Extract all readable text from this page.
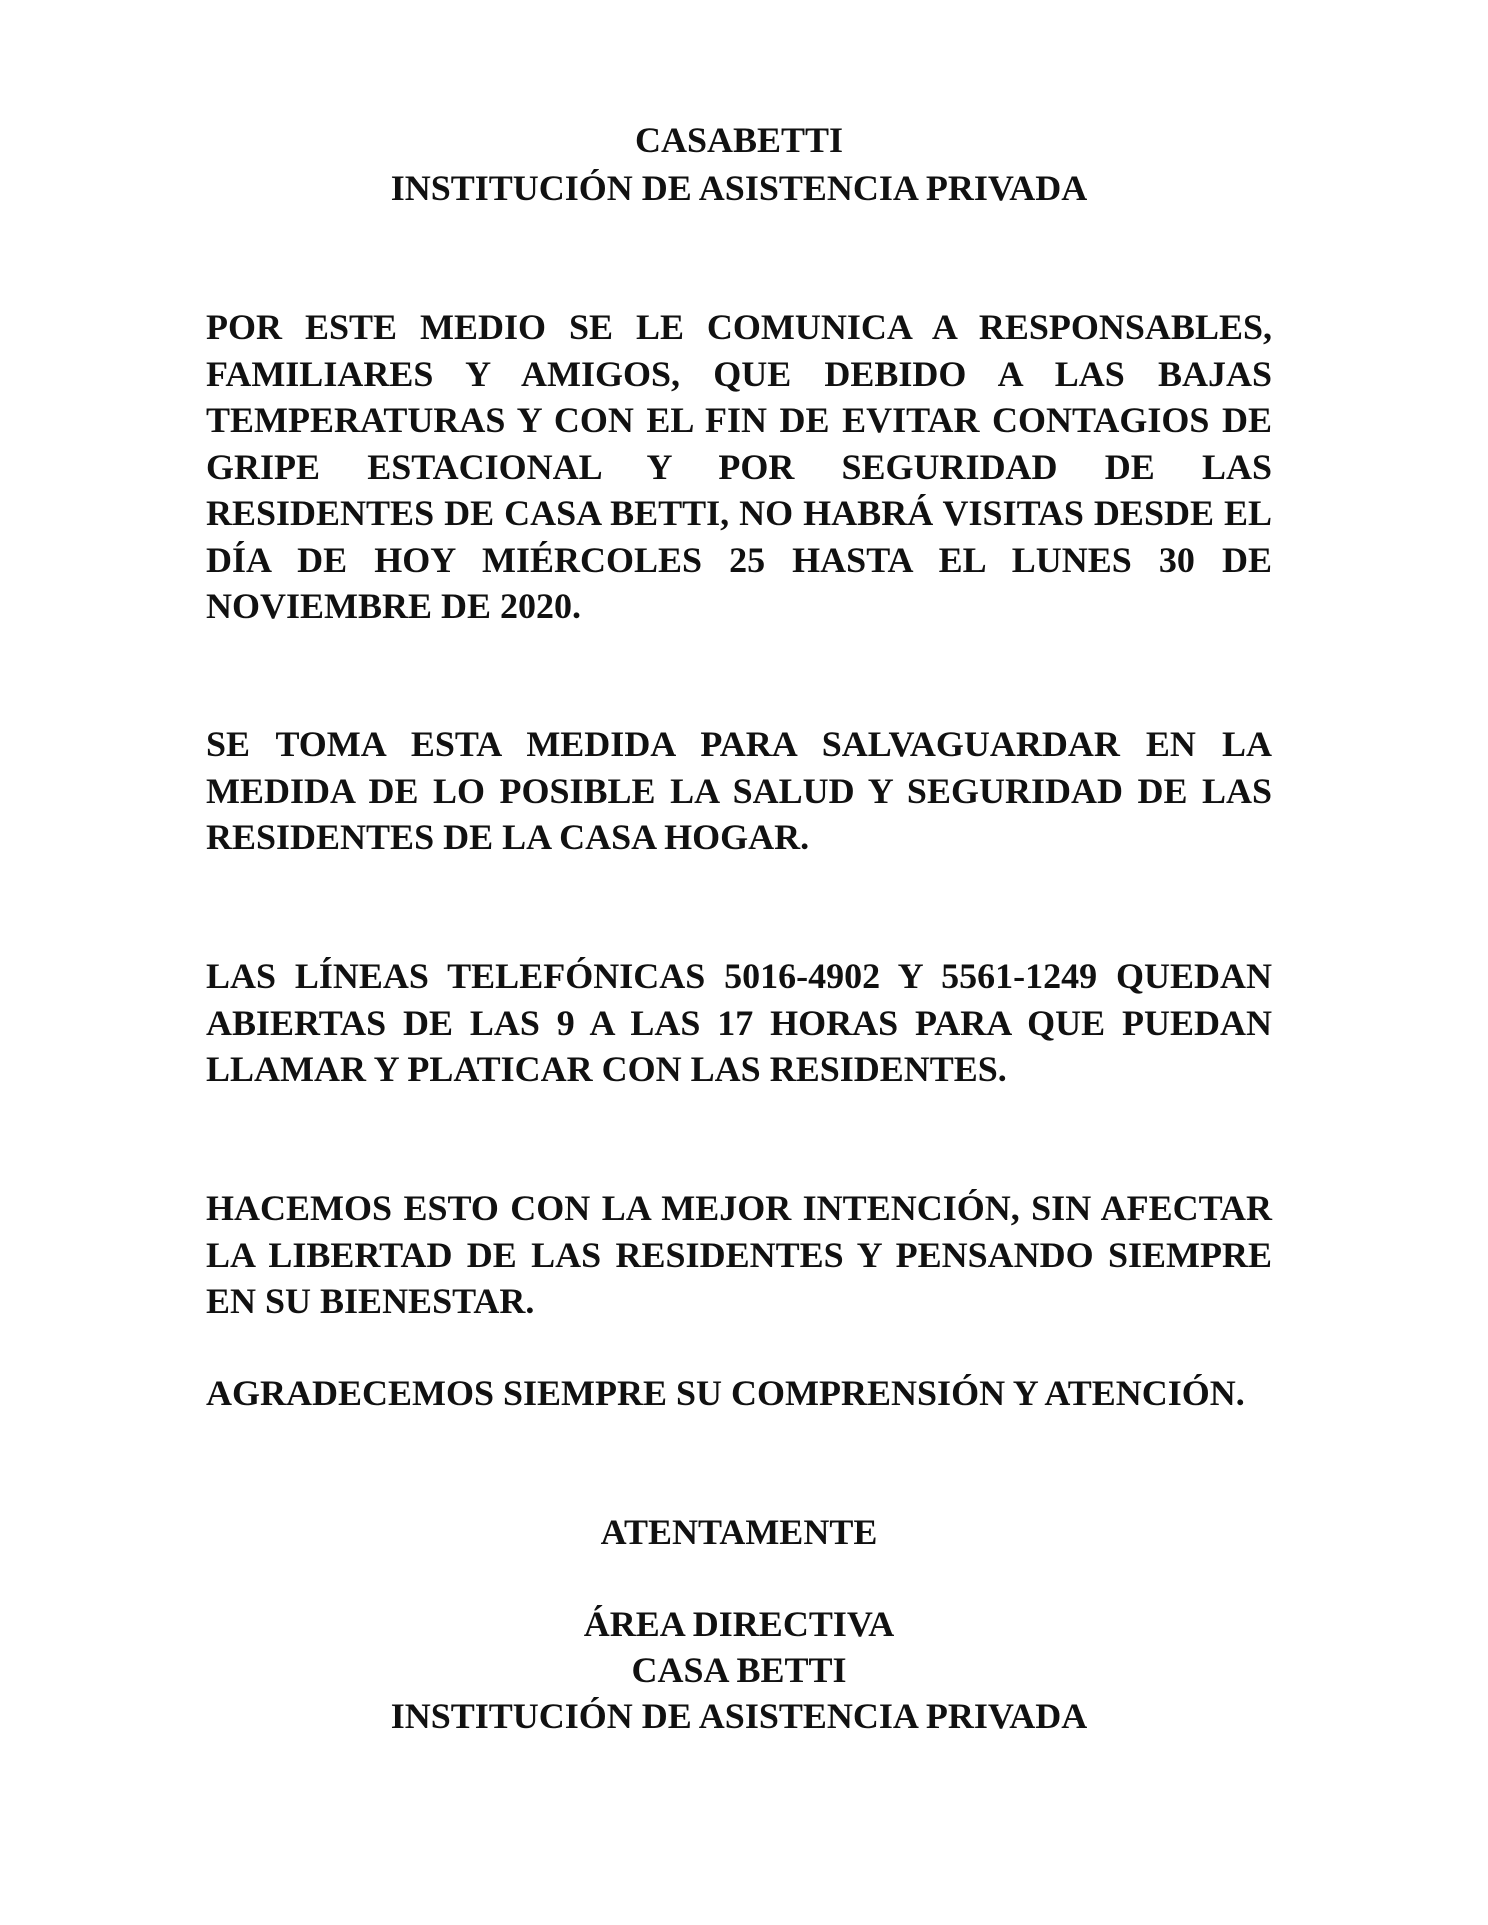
CASABETTI
INSTITUCIÓN DE ASISTENCIA PRIVADA

POR ESTE MEDIO SE LE COMUNICA A RESPONSABLES, FAMILIARES Y AMIGOS, QUE DEBIDO A LAS BAJAS TEMPERATURAS Y CON EL FIN DE EVITAR CONTAGIOS DE GRIPE ESTACIONAL Y POR SEGURIDAD DE LAS RESIDENTES DE CASA BETTI, NO HABRÁ VISITAS DESDE EL DÍA DE HOY MIÉRCOLES 25 HASTA EL LUNES 30 DE NOVIEMBRE DE 2020.

SE TOMA ESTA MEDIDA PARA SALVAGUARDAR EN LA MEDIDA DE LO POSIBLE LA SALUD Y SEGURIDAD DE LAS RESIDENTES DE LA CASA HOGAR.

LAS LÍNEAS TELEFÓNICAS 5016-4902 Y 5561-1249 QUEDAN ABIERTAS DE LAS 9 A LAS 17 HORAS PARA QUE PUEDAN LLAMAR Y PLATICAR CON LAS RESIDENTES.

HACEMOS ESTO CON LA MEJOR INTENCIÓN, SIN AFECTAR LA LIBERTAD DE LAS RESIDENTES Y PENSANDO SIEMPRE EN SU BIENESTAR.

AGRADECEMOS SIEMPRE SU COMPRENSIÓN Y ATENCIÓN.

ATENTAMENTE
ÁREA DIRECTIVA
CASA BETTI
INSTITUCIÓN DE ASISTENCIA PRIVADA
